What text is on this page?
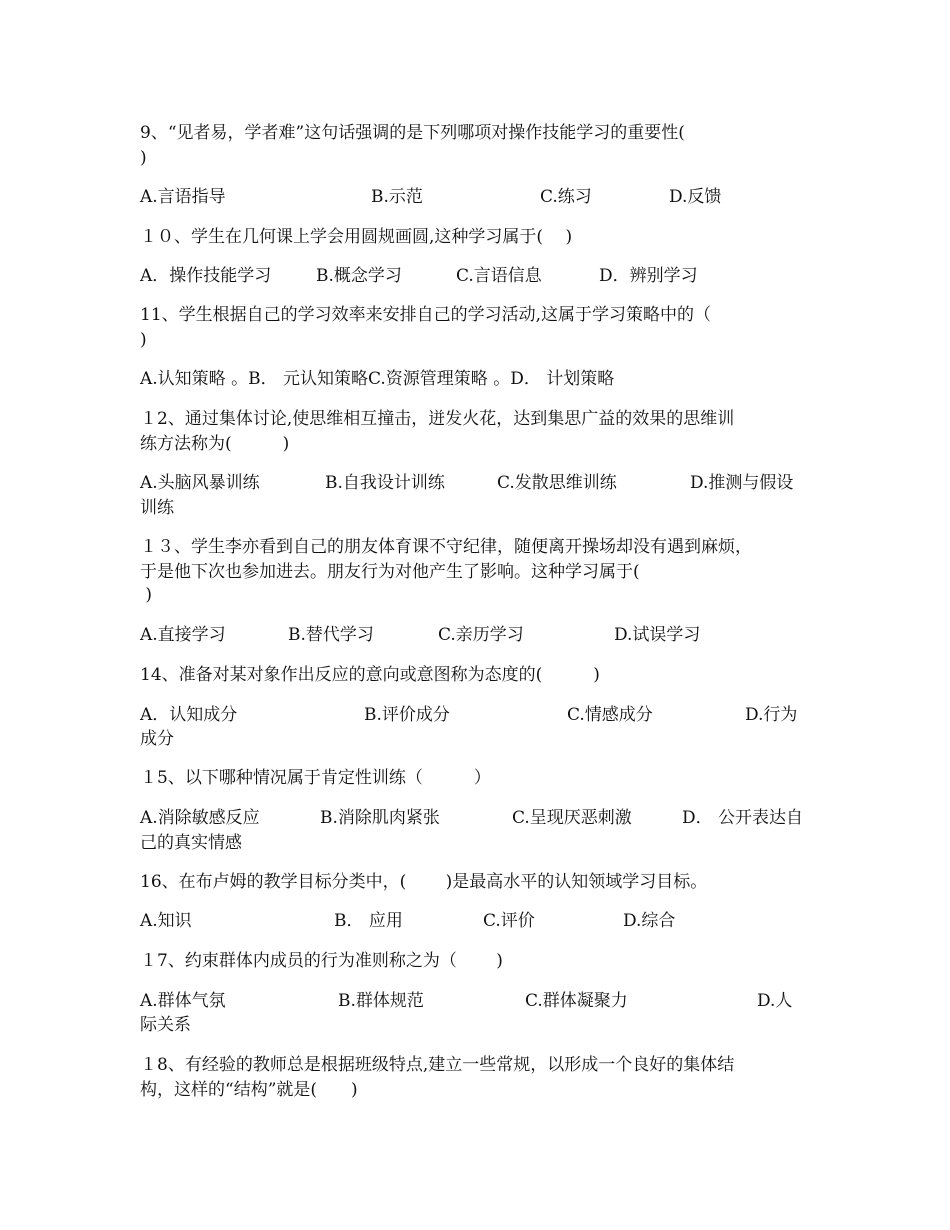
9、“见者易，学者难”这句话强调的是下列哪项对操作技能学习的重要性(
)
A.言语指导	B.示范	C.练习	D.反馈
１０、学生在几何课上学会用圆规画圆,这种学习属于(　 )
A．操作技能学习	B.概念学习	C.言语信息	D．辨别学习
11、学生根据自己的学习效率来安排自己的学习活动,这属于学习策略中的（
)
A.认知策略 。B． 元认知策略C.资源管理策略 。D． 计划策略
１2、通过集体讨论,使思维相互撞击，迸发火花，达到集思广益的效果的思维训
练方法称为(　　　)
A.头脑风暴训练	B.自我设计训练	C.发散思维训练	D.推测与假设
训练
１３、学生李亦看到自己的朋友体育课不守纪律，随便离开操场却没有遇到麻烦，
于是他下次也参加进去。朋友行为对他产生了影响。这种学习属于(
)
A.直接学习	B.替代学习	C.亲历学习	D.试误学习
14、准备对某对象作出反应的意向或意图称为态度的(　　　)
A．认知成分	B.评价成分	C.情感成分	D.行为
成分
１5、以下哪种情况属于肯定性训练（　　　）
A.消除敏感反应	B.消除肌肉紧张	C.呈现厌恶刺激	D． 公开表达自
己的真实情感
16、在布卢姆的教学目标分类中，(　　 )是最高水平的认知领域学习目标。
A.知识	B． 应用	C.评价	D.综合
１7、约束群体内成员的行为准则称之为（　　 )
A.群体气氛	B.群体规范	C.群体凝聚力	D.人
际关系
１8、有经验的教师总是根据班级特点,建立一些常规，以形成一个良好的集体结
构，这样的“结构”就是(　　)
